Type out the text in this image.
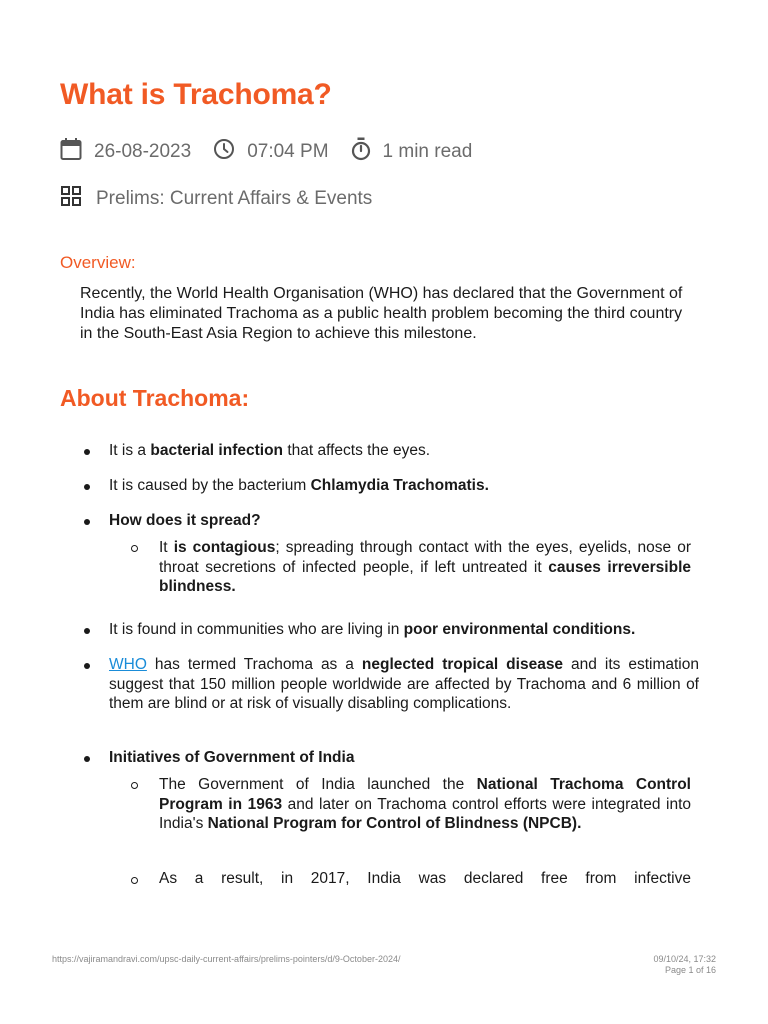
What is Trachoma?
26-08-2023	07:04 PM	1 min read
Prelims: Current Affairs & Events
Overview:

Recently, the World Health Organisation (WHO) has declared that the Government of India has eliminated Trachoma as a public health problem becoming the third country in the South-East Asia Region to achieve this milestone.

About Trachoma:
It is a bacterial infection that affects the eyes.
It is caused by the bacterium Chlamydia Trachomatis.
How does it spread?
It is contagious; spreading through contact with the eyes, eyelids, nose or throat secretions of infected people, if left untreated it causes irreversible blindness.
It is found in communities who are living in poor environmental conditions.
WHO has termed Trachoma as a neglected tropical disease and its estimation suggest that 150 million people worldwide are affected by Trachoma and 6 million of them are blind or at risk of visually disabling complications.
Initiatives of Government of India
The Government of India launched the National Trachoma Control Program in 1963 and later on Trachoma control efforts were integrated into India's National Program for Control of Blindness (NPCB).
As a result, in 2017, India was declared free from infective
https://vajiramandravi.com/upsc-daily-current-affairs/prelims-pointers/d/9-October-2024/	09/10/24, 17:32
Page 1 of 16
